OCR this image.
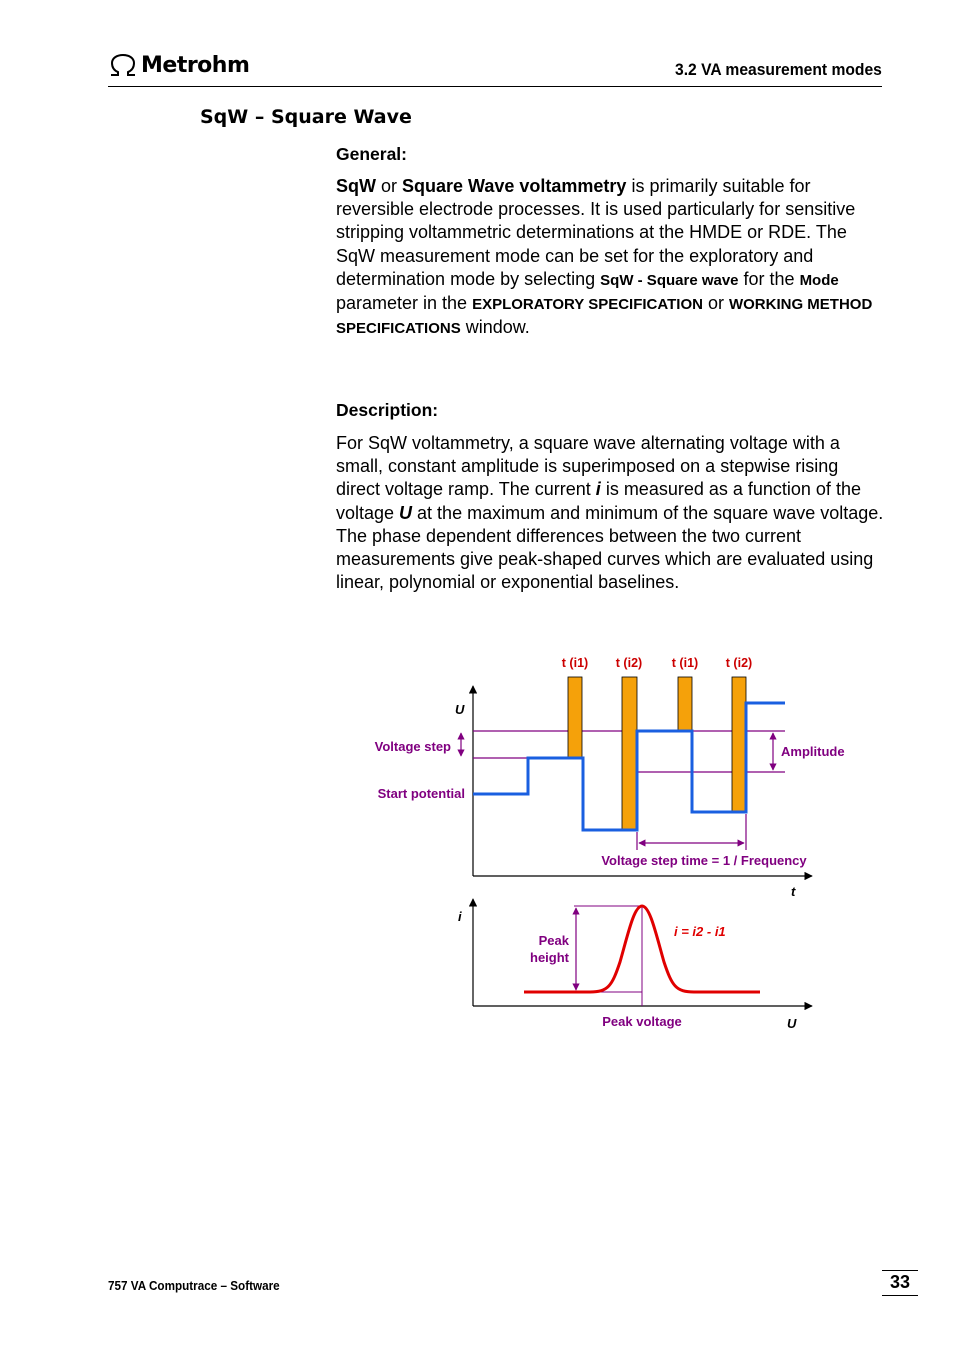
Metrohm	3.2 VA measurement modes
SqW – Square Wave
General:
SqW or Square Wave voltammetry is primarily suitable for reversible electrode processes. It is used particularly for sensitive stripping voltammetric determinations at the HMDE or RDE. The SqW measurement mode can be set for the exploratory and determination mode by selecting SqW - Square wave for the Mode parameter in the EXPLORATORY SPECIFICATION or WORKING METHOD SPECIFICATIONS window.
Description:
For SqW voltammetry, a square wave alternating voltage with a small, constant amplitude is superimposed on a stepwise rising direct voltage ramp. The current i is measured as a function of the voltage U at the maximum and minimum of the square wave voltage. The phase dependent differences between the two current measurements give peak-shaped curves which are evaluated using linear, polynomial or exponential baselines.
U
t
t (i1) t (i2) t (i1) t (i2)
Voltage step
Start potential
Amplitude
Voltage step time = 1 / Frequency
i
U
Peak
height
i = i2 - i1
Peak voltage
757 VA Computrace – Software	33
